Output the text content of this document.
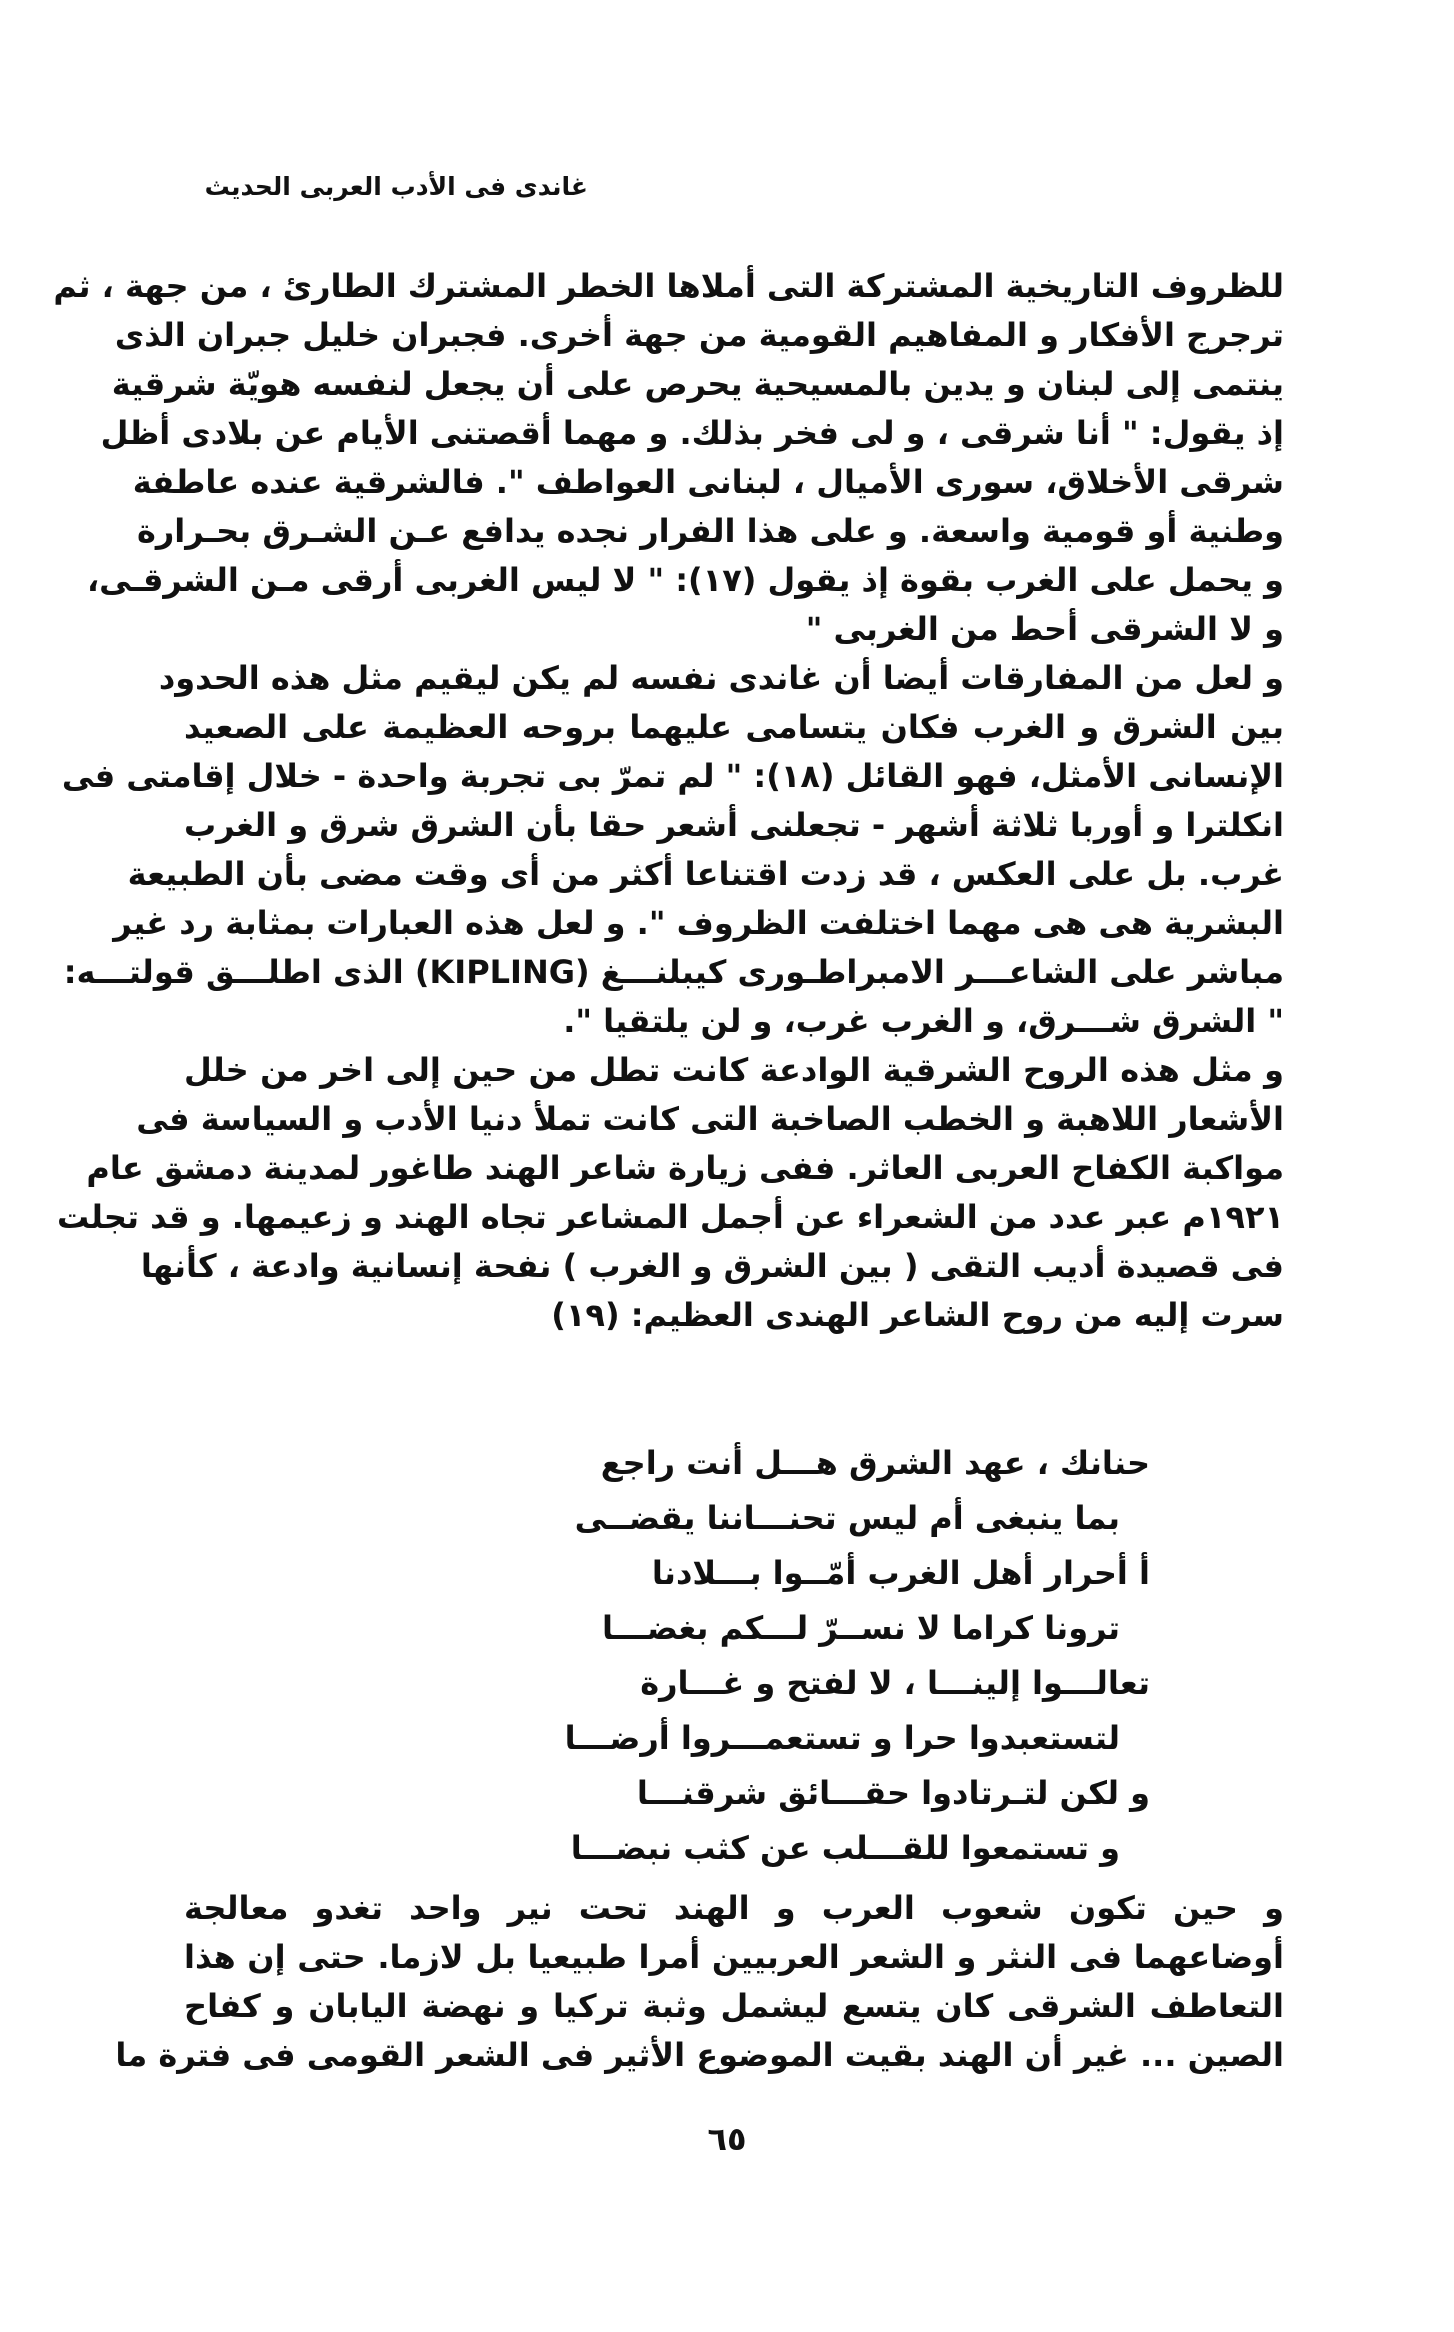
غاندى فى الأدب العربى الحديث
للظروف التاريخية المشتركة التى أملاها الخطر المشترك الطارئ ، من جهة ، ثم
ترجرج الأفكار و المفاهيم القومية من جهة أخرى. فجبران خليل جبران الذى
ينتمى إلى لبنان و يدين بالمسيحية يحرص على أن يجعل لنفسه هويّة شرقية
إذ يقول: " أنا شرقى ، و لى فخر بذلك. و مهما أقصتنى الأيام عن بلادى أظل
شرقى الأخلاق، سورى الأميال ، لبنانى العواطف ". فالشرقية عنده عاطفة
وطنية أو قومية واسعة. و على هذا الفرار نجده يدافع عـن الشـرق بحـرارة
و يحمل على الغرب بقوة إذ يقول (١٧): " لا ليس الغربى أرقى مـن الشرقـى،
و لا الشرقى أحط من الغربى "
و لعل من المفارقات أيضا أن غاندى نفسه لم يكن ليقيم مثل هذه الحدود
بين الشرق و الغرب فكان يتسامى عليهما بروحه العظيمة على الصعيد
الإنسانى الأمثل، فهو القائل (١٨): " لم تمرّ بى تجربة واحدة - خلال إقامتى فى
انكلترا و أوربا ثلاثة أشهر - تجعلنى أشعر حقا بأن الشرق شرق و الغرب
غرب. بل على العكس ، قد زدت اقتناعا أكثر من أى وقت مضى بأن الطبيعة
البشرية هى هى مهما اختلفت الظروف ". و لعل هذه العبارات بمثابة رد غير
مباشر على الشاعـــر الامبراطـورى كيبلنـــغ (KIPLING) الذى اطلـــق قولتـــه:
" الشرق شـــرق، و الغرب غرب، و لن يلتقيا ".
و مثل هذه الروح الشرقية الوادعة كانت تطل من حين إلى اخر من خلل
الأشعار اللاهبة و الخطب الصاخبة التى كانت تملأ دنيا الأدب و السياسة فى
مواكبة الكفاح العربى العاثر. ففى زيارة شاعر الهند طاغور لمدينة دمشق عام
١٩٢١م عبر عدد من الشعراء عن أجمل المشاعر تجاه الهند و زعيمها. و قد تجلت
فى قصيدة أديب التقى ( بين الشرق و الغرب ) نفحة إنسانية وادعة ، كأنها
سرت إليه من روح الشاعر الهندى العظيم: (١٩)
حنانك ، عهد الشرق هـــل أنت راجع
بما ينبغى أم ليس تحنـــاننا يقضــى
أ أحرار أهل الغرب أمّــوا بـــلادنا
ترونا كراما لا نســرّ لـــكم بغضـــا
تعالـــوا إلينـــا ، لا لفتح و غـــارة
لتستعبدوا حرا و تستعمـــروا أرضـــا
و لكن لتـرتادوا حقـــائق شرقنـــا
و تستمعوا للقـــلب عن كثب نبضـــا
و حين تكون شعوب العرب و الهند تحت نير واحد تغدو معالجة
أوضاعهما فى النثر و الشعر العربيين أمرا طبيعيا بل لازما. حتى إن هذا
التعاطف الشرقى كان يتسع ليشمل وثبة تركيا و نهضة اليابان و كفاح
الصين ... غير أن الهند بقيت الموضوع الأثير فى الشعر القومى فى فترة ما
٦٥
